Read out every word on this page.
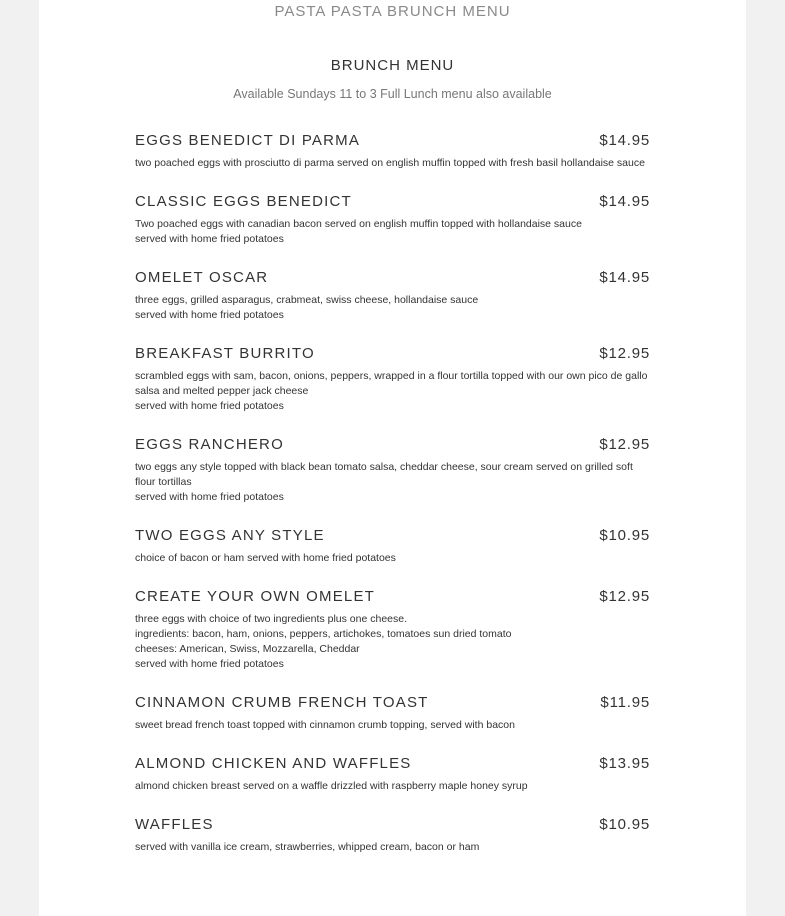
PASTA PASTA BRUNCH MENU
BRUNCH MENU
Available Sundays 11 to 3 Full Lunch menu also available
EGGS BENEDICT DI PARMA	$14.95
two poached eggs with prosciutto di parma served on english muffin topped with fresh basil hollandaise sauce
CLASSIC EGGS BENEDICT	$14.95
Two poached eggs with canadian bacon served on english muffin topped with hollandaise sauce
served with home fried potatoes
OMELET OSCAR	$14.95
three eggs, grilled asparagus, crabmeat, swiss cheese, hollandaise sauce
served with home fried potatoes
BREAKFAST BURRITO	$12.95
scrambled eggs with sam, bacon, onions, peppers, wrapped in a flour tortilla topped with our own pico de gallo salsa and melted pepper jack cheese
served with home fried potatoes
EGGS RANCHERO	$12.95
two eggs any style topped with black bean tomato salsa, cheddar cheese, sour cream served on grilled soft flour tortillas
served with home fried potatoes
TWO EGGS ANY STYLE	$10.95
choice of bacon or ham served with home fried potatoes
CREATE YOUR OWN OMELET	$12.95
three eggs with choice of two ingredients plus one cheese.
ingredients: bacon, ham, onions, peppers, artichokes, tomatoes sun dried tomato
cheeses: American, Swiss, Mozzarella, Cheddar
served with home fried potatoes
CINNAMON CRUMB FRENCH TOAST	$11.95
sweet bread french toast topped with cinnamon crumb topping, served with bacon
ALMOND CHICKEN AND WAFFLES	$13.95
almond chicken breast served on a waffle drizzled with raspberry maple honey syrup
WAFFLES	$10.95
served with vanilla ice cream, strawberries, whipped cream, bacon or ham
